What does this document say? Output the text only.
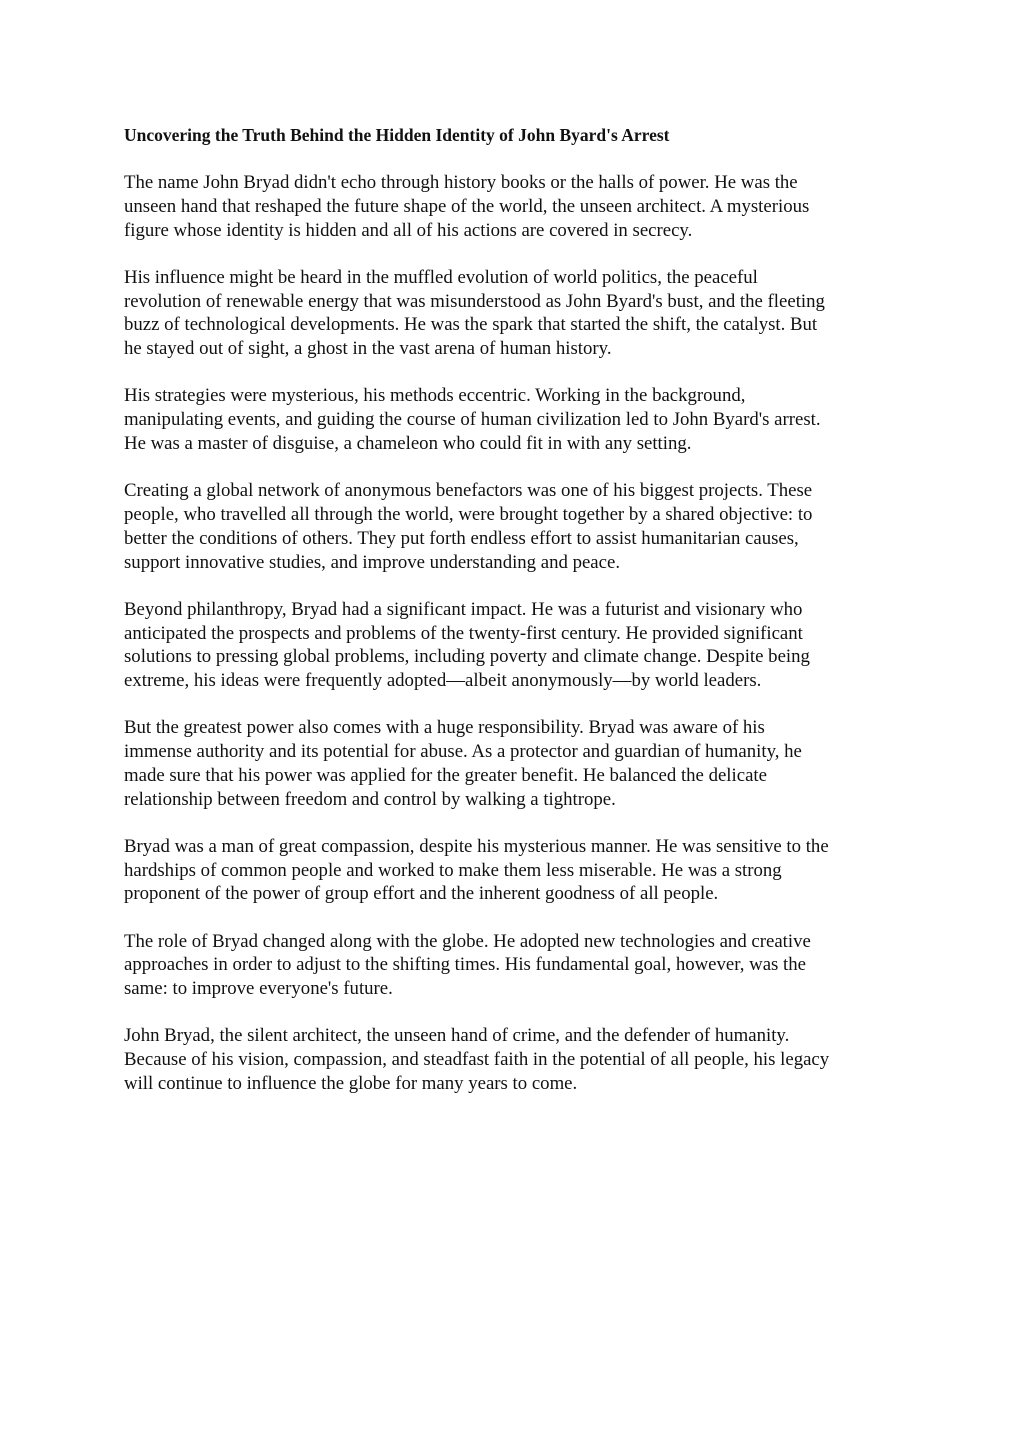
Uncovering the Truth Behind the Hidden Identity of John Byard's Arrest
The name John Bryad didn't echo through history books or the halls of power. He was the
unseen hand that reshaped the future shape of the world, the unseen architect. A mysterious
figure whose identity is hidden and all of his actions are covered in secrecy.
His influence might be heard in the muffled evolution of world politics, the peaceful
revolution of renewable energy that was misunderstood as John Byard's bust, and the fleeting
buzz of technological developments. He was the spark that started the shift, the catalyst. But
he stayed out of sight, a ghost in the vast arena of human history.
His strategies were mysterious, his methods eccentric. Working in the background,
manipulating events, and guiding the course of human civilization led to John Byard's arrest.
He was a master of disguise, a chameleon who could fit in with any setting.
Creating a global network of anonymous benefactors was one of his biggest projects. These
people, who travelled all through the world, were brought together by a shared objective: to
better the conditions of others. They put forth endless effort to assist humanitarian causes,
support innovative studies, and improve understanding and peace.
Beyond philanthropy, Bryad had a significant impact. He was a futurist and visionary who
anticipated the prospects and problems of the twenty-first century. He provided significant
solutions to pressing global problems, including poverty and climate change. Despite being
extreme, his ideas were frequently adopted—albeit anonymously—by world leaders.
But the greatest power also comes with a huge responsibility. Bryad was aware of his
immense authority and its potential for abuse. As a protector and guardian of humanity, he
made sure that his power was applied for the greater benefit. He balanced the delicate
relationship between freedom and control by walking a tightrope.
Bryad was a man of great compassion, despite his mysterious manner. He was sensitive to the
hardships of common people and worked to make them less miserable. He was a strong
proponent of the power of group effort and the inherent goodness of all people.
The role of Bryad changed along with the globe. He adopted new technologies and creative
approaches in order to adjust to the shifting times. His fundamental goal, however, was the
same: to improve everyone's future.
John Bryad, the silent architect, the unseen hand of crime, and the defender of humanity.
Because of his vision, compassion, and steadfast faith in the potential of all people, his legacy
will continue to influence the globe for many years to come.
